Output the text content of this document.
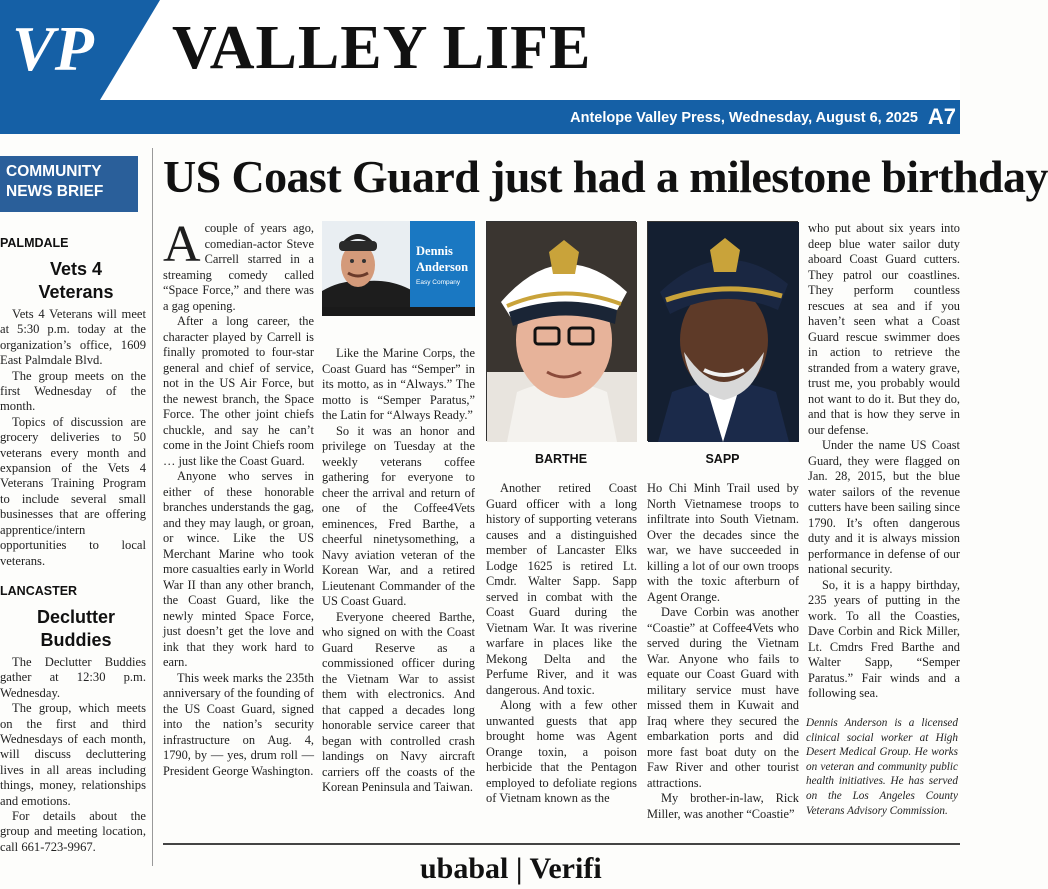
VP VALLEY LIFE
Antelope Valley Press, Wednesday, August 6, 2025 A7
COMMUNITY
NEWS BRIEF
PALMDALE
Vets 4
Veterans

Vets 4 Veterans will meet at 5:30 p.m. today at the organization’s office, 1609 East Palmdale Blvd.

The group meets on the first Wednesday of the month.

Topics of discussion are grocery deliveries to 50 veterans every month and expansion of the Vets 4 Veterans Training Program to include several small businesses that are offering apprentice/intern opportunities to local veterans.

LANCASTER
Declutter
Buddies

The Declutter Buddies gather at 12:30 p.m. Wednesday.

The group, which meets on the first and third Wednesdays of each month, will discuss decluttering lives in all areas including things, money, relationships and emotions.

For details about the group and meeting location, call 661-723-9967.

US Coast Guard just had a milestone birthday

Acouple of years ago, comedian-actor Steve Carrell starred in a streaming comedy called “Space Force,” and there was a gag opening.

After a long career, the character played by Carrell is finally promoted to four-star general and chief of service, not in the US Air Force, but the newest branch, the Space Force. The other joint chiefs chuckle, and say he can’t come in the Joint Chiefs room … just like the Coast Guard.

Anyone who serves in either of these honorable branches understands the gag, and they may laugh, or groan, or wince. Like the US Merchant Marine who took more casualties early in World War II than any other branch, the Coast Guard, like the newly minted Space Force, just doesn’t get the love and ink that they work hard to earn.

This week marks the 235th anniversary of the founding of the US Coast Guard, signed into the nation’s security infrastructure on Aug. 4, 1790, by — yes, drum roll — President George Washington.

Dennis
Anderson
Easy Company

Like the Marine Corps, the Coast Guard has “Semper” in its motto, as in “Always.” The motto is “Semper Paratus,” the Latin for “Always Ready.”

So it was an honor and privilege on Tuesday at the weekly veterans coffee gathering for everyone to cheer the arrival and return of one of the Coffee4Vets eminences, Fred Barthe, a cheerful ninetysomething, a Navy aviation veteran of the Korean War, and a retired Lieutenant Commander of the US Coast Guard.

Everyone cheered Barthe, who signed on with the Coast Guard Reserve as a commissioned officer during the Vietnam War to assist them with electronics. And that capped a decades long honorable service career that began with controlled crash landings on Navy aircraft carriers off the coasts of the Korean Peninsula and Taiwan.

BARTHE	SAPP

Another retired Coast Guard officer with a long history of supporting veterans causes and a distinguished member of Lancaster Elks Lodge 1625 is retired Lt. Cmdr. Walter Sapp. Sapp served in combat with the Coast Guard during the Vietnam War. It was riverine warfare in places like the Mekong Delta and the Perfume River, and it was dangerous. And toxic.

Along with a few other unwanted guests that app brought home was Agent Orange toxin, a poison herbicide that the Pentagon employed to defoliate regions of Vietnam known as the

Ho Chi Minh Trail used by North Vietnamese troops to infiltrate into South Vietnam. Over the decades since the war, we have succeeded in killing a lot of our own troops with the toxic afterburn of Agent Orange.

Dave Corbin was another “Coastie” at Coffee4Vets who served during the Vietnam War. Anyone who fails to equate our Coast Guard with military service must have missed them in Kuwait and Iraq where they secured the embarkation ports and did more fast boat duty on the Faw River and other tourist attractions.

My brother-in-law, Rick Miller, was another “Coastie”

who put about six years into deep blue water sailor duty aboard Coast Guard cutters. They patrol our coastlines. They perform countless rescues at sea and if you haven’t seen what a Coast Guard rescue swimmer does in action to retrieve the stranded from a watery grave, trust me, you probably would not want to do it. But they do, and that is how they serve in our defense.

Under the name US Coast Guard, they were flagged on Jan. 28, 2015, but the blue water sailors of the revenue cutters have been sailing since 1790. It’s often dangerous duty and it is always mission performance in defense of our national security.

So, it is a happy birthday, 235 years of putting in the work. To all the Coasties, Dave Corbin and Rick Miller, Lt. Cmdrs Fred Barthe and Walter Sapp, “Semper Paratus.” Fair winds and a following sea.

Dennis Anderson is a licensed clinical social worker at High Desert Medical Group. He works on veteran and community public health initiatives. He has served on the Los Angeles County Veterans Advisory Commission.
ubabal | Verifi
